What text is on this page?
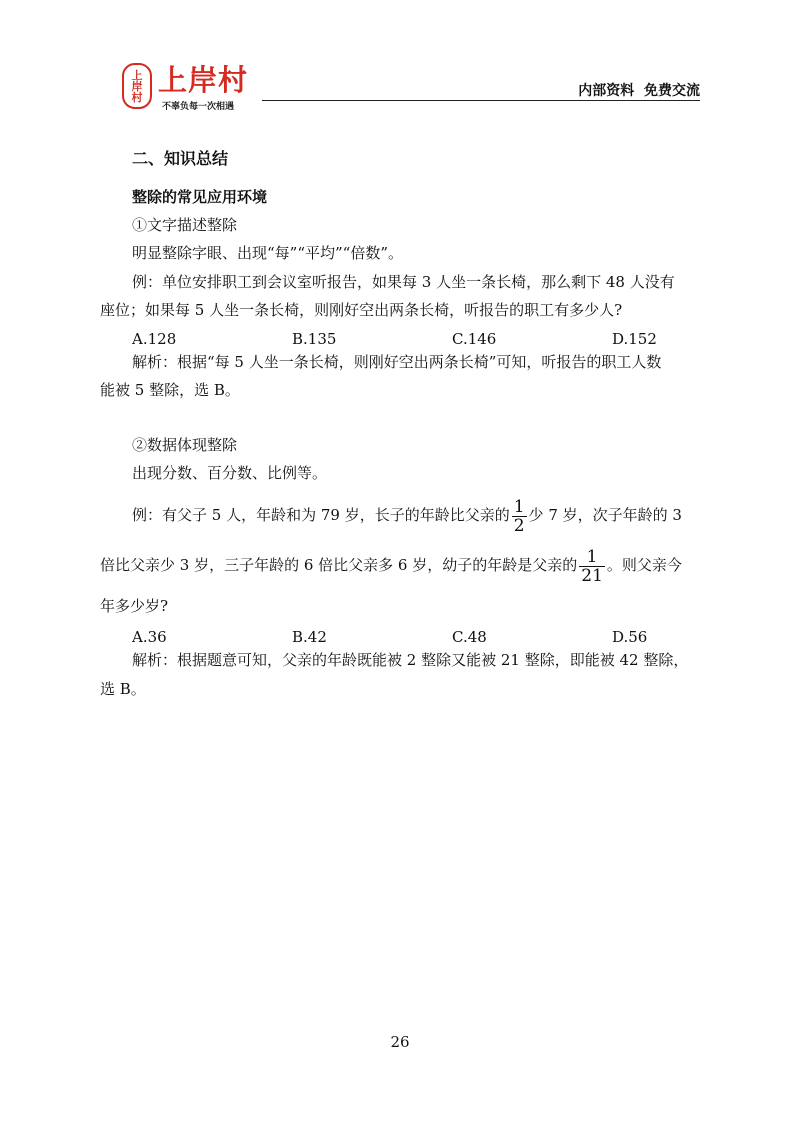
上
岸
村 上岸村
不辜负每一次相遇
内部资料  免费交流
二、知识总结
整除的常见应用环境
①文字描述整除
明显整除字眼、出现“每”“平均”“倍数”。
例：单位安排职工到会议室听报告，如果每 3 人坐一条长椅，那么剩下 48 人没有
座位；如果每 5 人坐一条长椅，则刚好空出两条长椅，听报告的职工有多少人?
A.128	B.135	C.146	D.152
解析：根据“每 5 人坐一条长椅，则刚好空出两条长椅”可知，听报告的职工人数
能被 5 整除，选 B。
②数据体现整除
出现分数、百分数、比例等。
例：有父子 5 人，年龄和为 79 岁，长子的年龄比父亲的 $\frac{1}{2}$ 少 7 岁，次子年龄的 3
倍比父亲少 3 岁，三子年龄的 6 倍比父亲多 6 岁，幼子的年龄是父亲的 $\frac{1}{21}$ 。则父亲今
年多少岁?
A.36	B.42	C.48	D.56
解析：根据题意可知，父亲的年龄既能被 2 整除又能被 21 整除，即能被 42 整除，
选 B。
26
